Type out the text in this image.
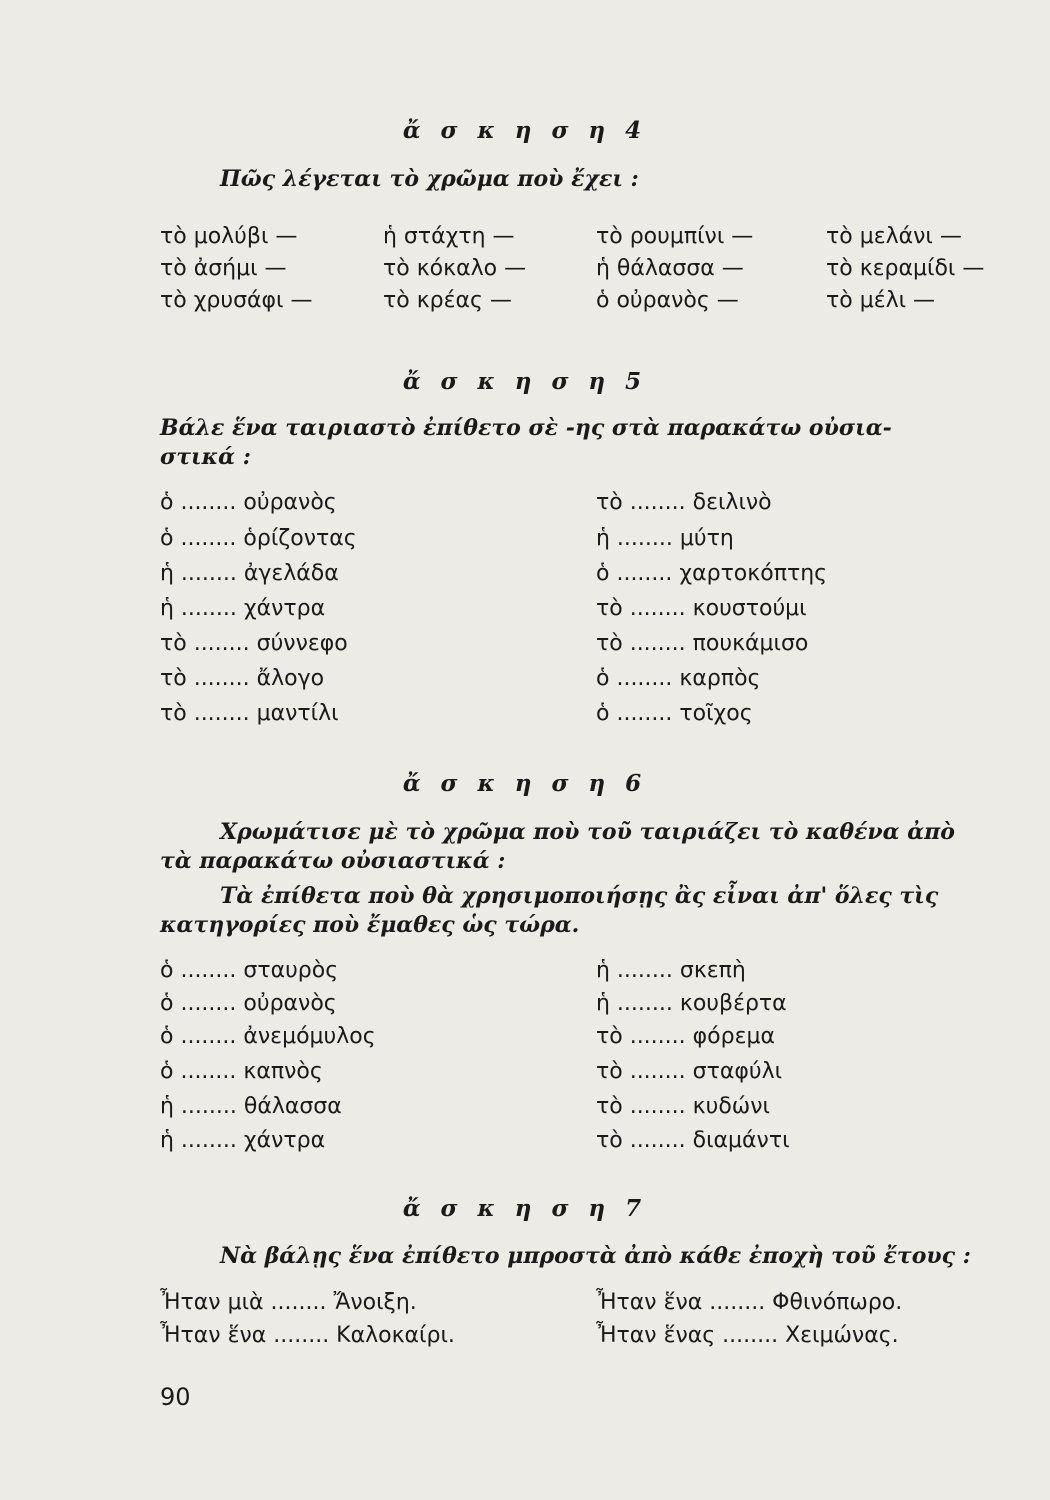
ἄ σ κ η σ η 4
Πῶς λέγεται τὸ χρῶμα ποὺ ἔχει :
τὸ μολύβι —	ἡ στάχτη —	τὸ ρουμπίνι —	τὸ μελάνι —
τὸ ἀσήμι —	τὸ κόκαλο —	ἡ θάλασσα —	τὸ κεραμίδι —
τὸ χρυσάφι —	τὸ κρέας —	ὁ οὐρανὸς —	τὸ μέλι —
ἄ σ κ η σ η 5
Βάλε ἕνα ταιριαστὸ ἐπίθετο σὲ -ης στὰ παρακάτω οὐσια-
στικά :
ὁ ........ οὐρανὸς	τὸ ........ δειλινὸ
ὁ ........ ὁρίζοντας	ἡ ........ μύτη
ἡ ........ ἀγελάδα	ὁ ........ χαρτοκόπτης
ἡ ........ χάντρα	τὸ ........ κουστούμι
τὸ ........ σύννεφο	τὸ ........ πουκάμισο
τὸ ........ ἄλογο	ὁ ........ καρπὸς
τὸ ........ μαντίλι	ὁ ........ τοῖχος
ἄ σ κ η σ η 6
Χρωμάτισε μὲ τὸ χρῶμα ποὺ τοῦ ταιριάζει τὸ καθένα ἀπὸ
τὰ παρακάτω οὐσιαστικά :
Τὰ ἐπίθετα ποὺ θὰ χρησιμοποιήσῃς ἂς εἶναι ἀπ' ὅλες τὶς
κατηγορίες ποὺ ἔμαθες ὡς τώρα.
ὁ ........ σταυρὸς	ἡ ........ σκεπὴ
ὁ ........ οὐρανὸς	ἡ ........ κουβέρτα
ὁ ........ ἀνεμόμυλος	τὸ ........ φόρεμα
ὁ ........ καπνὸς	τὸ ........ σταφύλι
ἡ ........ θάλασσα	τὸ ........ κυδώνι
ἡ ........ χάντρα	τὸ ........ διαμάντι
ἄ σ κ η σ η 7
Νὰ βάλῃς ἕνα ἐπίθετο μπροστὰ ἀπὸ κάθε ἐποχὴ τοῦ ἔτους :
Ἦταν μιὰ ........ Ἄνοιξη.	Ἦταν ἕνα ........ Φθινόπωρο.
Ἦταν ἕνα ........ Καλοκαίρι.	Ἦταν ἕνας ........ Χειμώνας.
90
